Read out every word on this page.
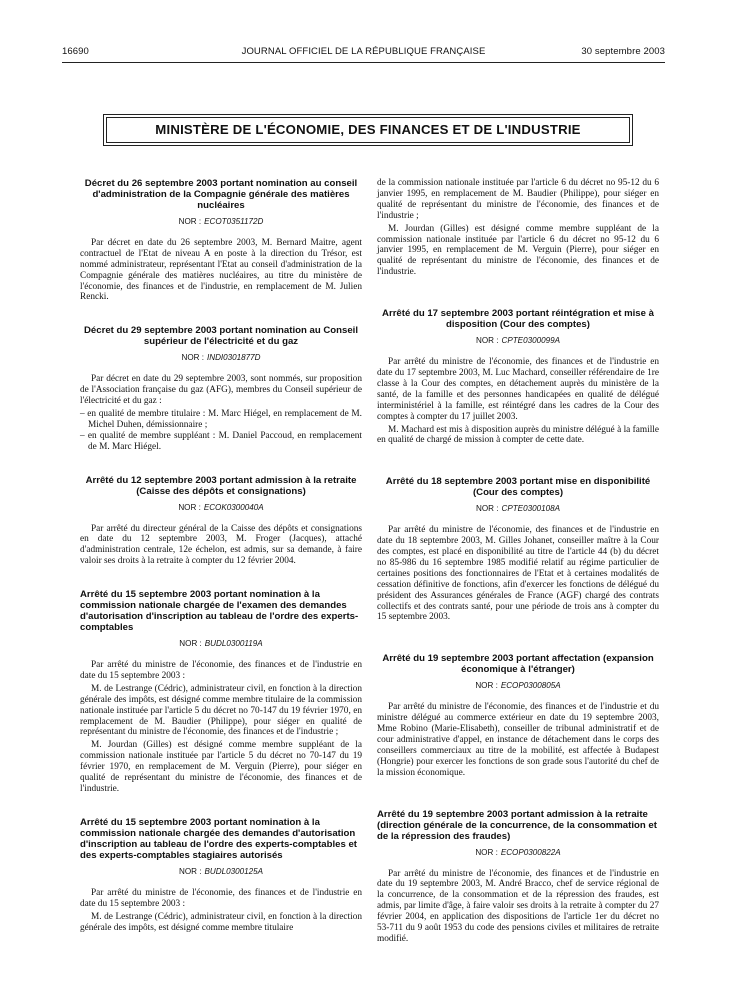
16690	JOURNAL OFFICIEL DE LA RÉPUBLIQUE FRANÇAISE	30 septembre 2003
MINISTÈRE DE L'ÉCONOMIE, DES FINANCES ET DE L'INDUSTRIE
Décret du 26 septembre 2003 portant nomination au conseil d'administration de la Compagnie générale des matières nucléaires
NOR : ECOT0351172D

Par décret en date du 26 septembre 2003, M. Bernard Maitre, agent contractuel de l'Etat de niveau A en poste à la direction du Trésor, est nommé administrateur, représentant l'Etat au conseil d'administration de la Compagnie générale des matières nucléaires, au titre du ministère de l'économie, des finances et de l'industrie, en remplacement de M. Julien Rencki.

Décret du 29 septembre 2003 portant nomination au Conseil supérieur de l'électricité et du gaz
NOR : INDI0301877D

Par décret en date du 29 septembre 2003, sont nommés, sur proposition de l'Association française du gaz (AFG), membres du Conseil supérieur de l'électricité et du gaz :

– en qualité de membre titulaire : M. Marc Hiégel, en remplacement de M. Michel Duhen, démissionnaire ;
– en qualité de membre suppléant : M. Daniel Paccoud, en remplacement de M. Marc Hiégel.
Arrêté du 12 septembre 2003 portant admission à la retraite (Caisse des dépôts et consignations)
NOR : ECOK0300040A

Par arrêté du directeur général de la Caisse des dépôts et consignations en date du 12 septembre 2003, M. Froger (Jacques), attaché d'administration centrale, 12e échelon, est admis, sur sa demande, à faire valoir ses droits à la retraite à compter du 12 février 2004.

Arrêté du 15 septembre 2003 portant nomination à la commission nationale chargée de l'examen des demandes d'autorisation d'inscription au tableau de l'ordre des experts-comptables
NOR : BUDL0300119A

Par arrêté du ministre de l'économie, des finances et de l'industrie en date du 15 septembre 2003 :

M. de Lestrange (Cédric), administrateur civil, en fonction à la direction générale des impôts, est désigné comme membre titulaire de la commission nationale instituée par l'article 5 du décret no 70-147 du 19 février 1970, en remplacement de M. Baudier (Philippe), pour siéger en qualité de représentant du ministre de l'économie, des finances et de l'industrie ;

M. Jourdan (Gilles) est désigné comme membre suppléant de la commission nationale instituée par l'article 5 du décret no 70-147 du 19 février 1970, en remplacement de M. Verguin (Pierre), pour siéger en qualité de représentant du ministre de l'économie, des finances et de l'industrie.

Arrêté du 15 septembre 2003 portant nomination à la commission nationale chargée des demandes d'autorisation d'inscription au tableau de l'ordre des experts-comptables et des experts-comptables stagiaires autorisés
NOR : BUDL0300125A

Par arrêté du ministre de l'économie, des finances et de l'industrie en date du 15 septembre 2003 :

M. de Lestrange (Cédric), administrateur civil, en fonction à la direction générale des impôts, est désigné comme membre titulaire

de la commission nationale instituée par l'article 6 du décret no 95-12 du 6 janvier 1995, en remplacement de M. Baudier (Philippe), pour siéger en qualité de représentant du ministre de l'économie, des finances et de l'industrie ;

M. Jourdan (Gilles) est désigné comme membre suppléant de la commission nationale instituée par l'article 6 du décret no 95-12 du 6 janvier 1995, en remplacement de M. Verguin (Pierre), pour siéger en qualité de représentant du ministre de l'économie, des finances et de l'industrie.

Arrêté du 17 septembre 2003 portant réintégration et mise à disposition (Cour des comptes)
NOR : CPTE0300099A

Par arrêté du ministre de l'économie, des finances et de l'industrie en date du 17 septembre 2003, M. Luc Machard, conseiller référendaire de 1re classe à la Cour des comptes, en détachement auprès du ministère de la santé, de la famille et des personnes handicapées en qualité de délégué interministériel à la famille, est réintégré dans les cadres de la Cour des comptes à compter du 17 juillet 2003.

M. Machard est mis à disposition auprès du ministre délégué à la famille en qualité de chargé de mission à compter de cette date.

Arrêté du 18 septembre 2003 portant mise en disponibilité (Cour des comptes)
NOR : CPTE0300108A

Par arrêté du ministre de l'économie, des finances et de l'industrie en date du 18 septembre 2003, M. Gilles Johanet, conseiller maître à la Cour des comptes, est placé en disponibilité au titre de l'article 44 (b) du décret no 85-986 du 16 septembre 1985 modifié relatif au régime particulier de certaines positions des fonctionnaires de l'Etat et à certaines modalités de cessation définitive de fonctions, afin d'exercer les fonctions de délégué du président des Assurances générales de France (AGF) chargé des contrats collectifs et des contrats santé, pour une période de trois ans à compter du 15 septembre 2003.

Arrêté du 19 septembre 2003 portant affectation (expansion économique à l'étranger)
NOR : ECOP0300805A

Par arrêté du ministre de l'économie, des finances et de l'industrie et du ministre délégué au commerce extérieur en date du 19 septembre 2003, Mme Robino (Marie-Elisabeth), conseiller de tribunal administratif et de cour administrative d'appel, en instance de détachement dans le corps des conseillers commerciaux au titre de la mobilité, est affectée à Budapest (Hongrie) pour exercer les fonctions de son grade sous l'autorité du chef de la mission économique.

Arrêté du 19 septembre 2003 portant admission à la retraite (direction générale de la concurrence, de la consommation et de la répression des fraudes)
NOR : ECOP0300822A

Par arrêté du ministre de l'économie, des finances et de l'industrie en date du 19 septembre 2003, M. André Bracco, chef de service régional de la concurrence, de la consommation et de la répression des fraudes, est admis, par limite d'âge, à faire valoir ses droits à la retraite à compter du 27 février 2004, en application des dispositions de l'article 1er du décret no 53-711 du 9 août 1953 du code des pensions civiles et militaires de retraite modifié.
